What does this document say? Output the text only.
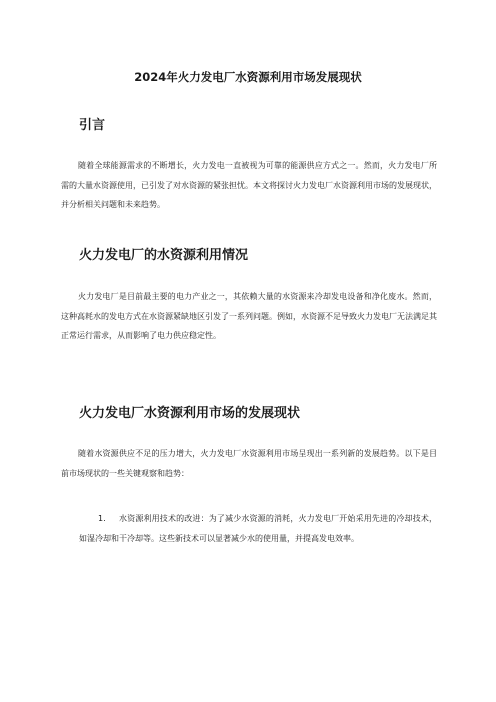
2024年火力发电厂水资源利用市场发展现状
引言

随着全球能源需求的不断增长，火力发电一直被视为可靠的能源供应方式之一。然而，火力发电厂所需的大量水资源使用，已引发了对水资源的紧张担忧。本文将探讨火力发电厂水资源利用市场的发展现状，并分析相关问题和未来趋势。

火力发电厂的水资源利用情况

火力发电厂是目前最主要的电力产业之一，其依赖大量的水资源来冷却发电设备和净化废水。然而，这种高耗水的发电方式在水资源紧缺地区引发了一系列问题。例如，水资源不足导致火力发电厂无法满足其正常运行需求，从而影响了电力供应稳定性。

火力发电厂水资源利用市场的发展现状

随着水资源供应不足的压力增大，火力发电厂水资源利用市场呈现出一系列新的发展趋势。以下是目前市场现状的一些关键观察和趋势：

1.	水资源利用技术的改进：为了减少水资源的消耗，火力发电厂开始采用先进的冷却技术，如湿冷却和干冷却等。这些新技术可以显著减少水的使用量，并提高发电效率。
